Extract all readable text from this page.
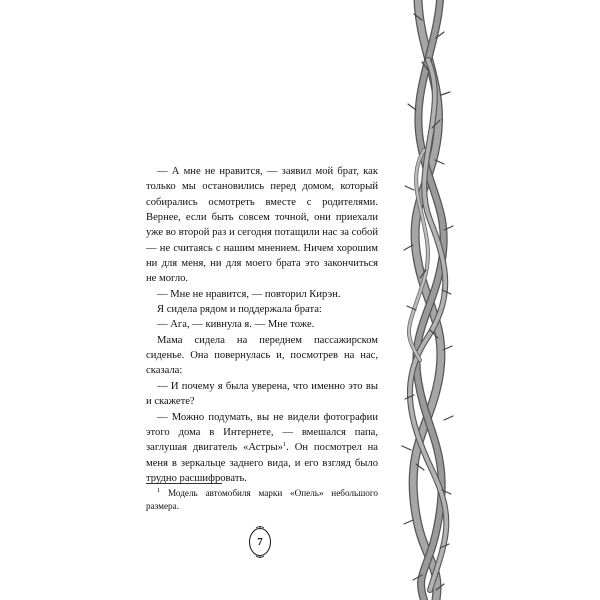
— А мне не нравится, — заявил мой брат, как только мы остановились перед домом, который собирались осмотреть вместе с родителями. Вернее, если быть совсем точной, они приехали уже во второй раз и сегодня потащили нас за собой — не считаясь с нашим мнением. Ничем хорошим ни для меня, ни для моего брата это закончиться не могло.

— Мне не нравится, — повторил Кирэн.

Я сидела рядом и поддержала брата:

— Ага, — кивнула я. — Мне тоже.

Мама сидела на переднем пассажирском сиденье. Она повернулась и, посмотрев на нас, сказала:

— И почему я была уверена, что именно это вы и скажете?

— Можно подумать, вы не видели фотографии этого дома в Интернете, — вмешался папа, заглушая двигатель «Астры»$^1$. Он посмотрел на меня в зеркальце заднего вида, и его взгляд было трудно расшифровать.

$^1$ Модель автомобиля марки «Опель» небольшого размера.
7
